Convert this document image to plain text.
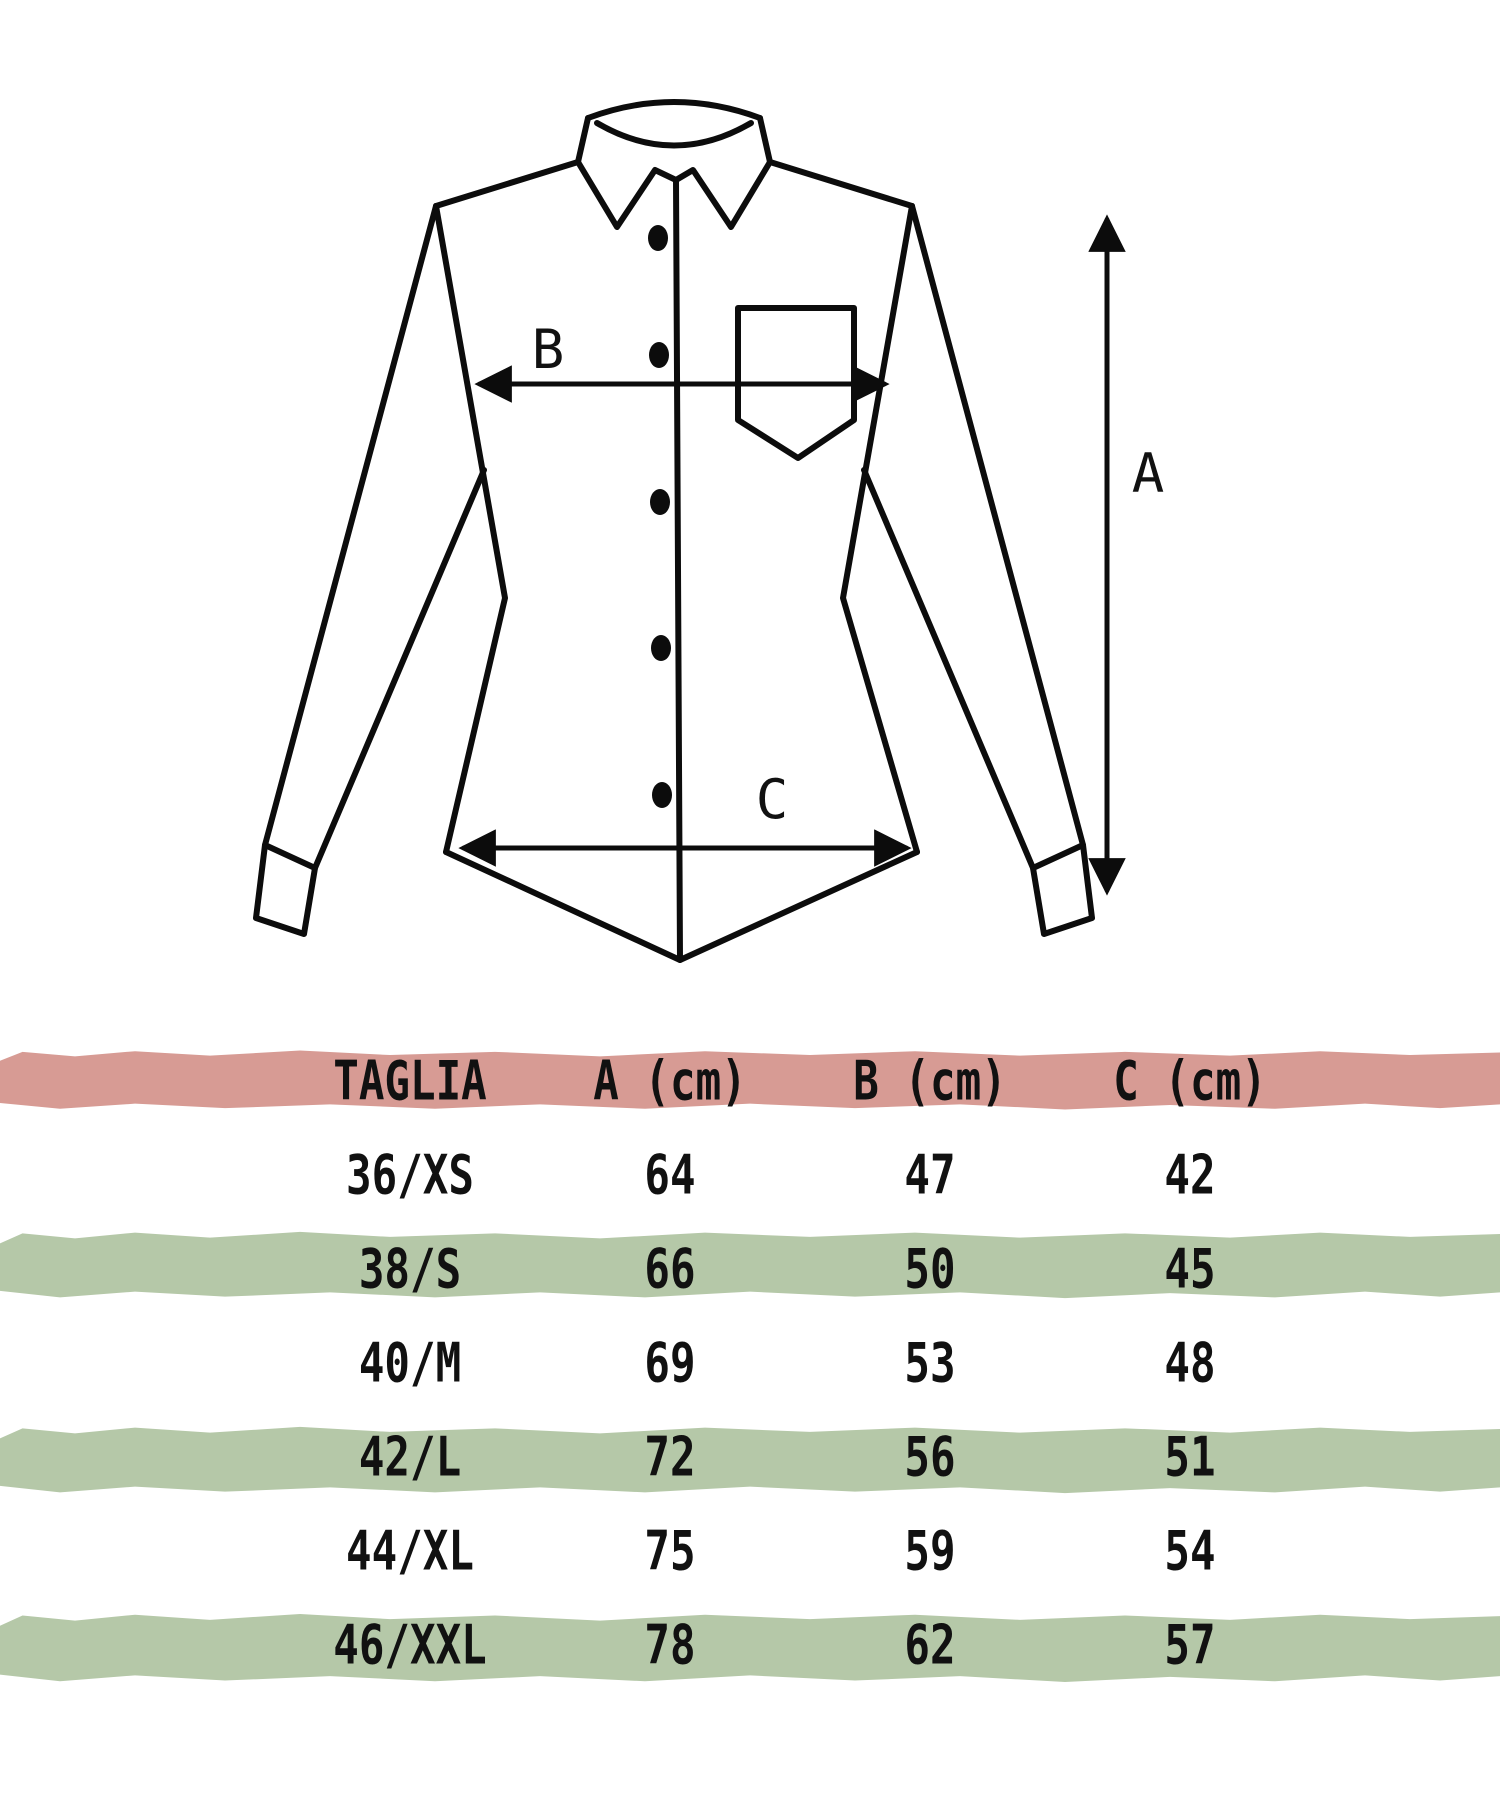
B
A
C
TAGLIA	A (cm)	B (cm)	C (cm)
36/XS	64	47	42
38/S	66	50	45
40/M	69	53	48
42/L	72	56	51
44/XL	75	59	54
46/XXL	78	62	57
